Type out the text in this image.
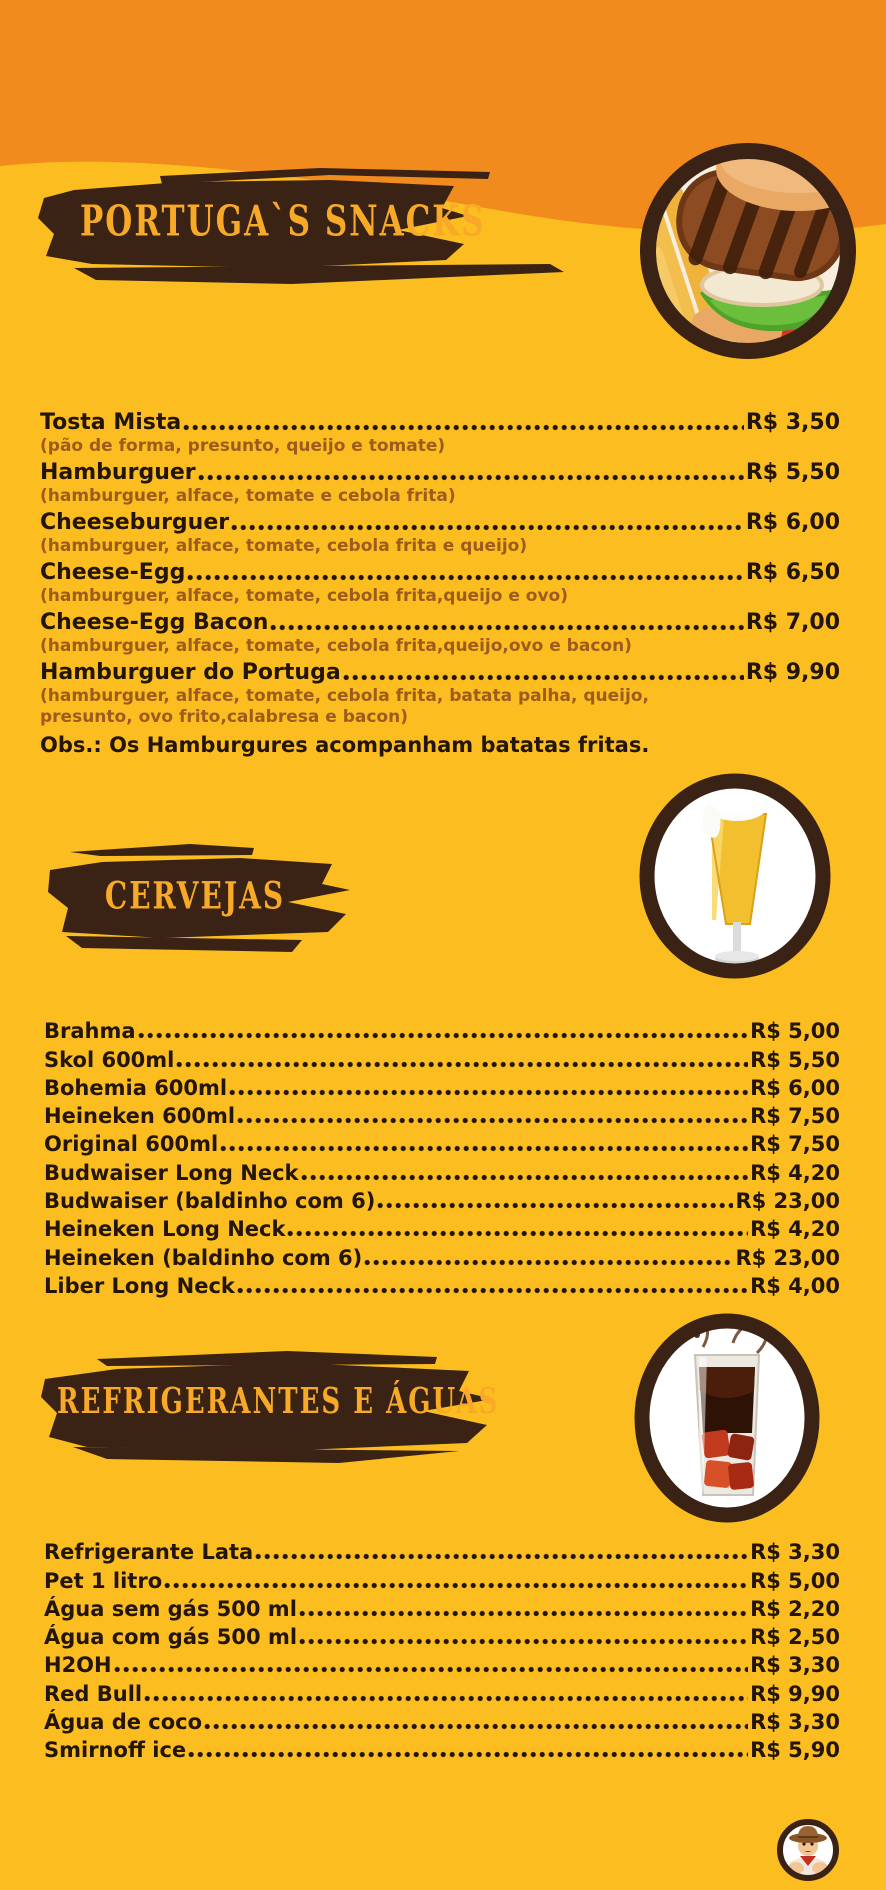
PORTUGA`S SNACKS
Tosta Mista	R$ 3,50
(pão de forma, presunto, queijo e tomate)
Hamburguer	R$ 5,50
(hamburguer, alface, tomate e cebola frita)
Cheeseburguer	R$ 6,00
(hamburguer, alface, tomate, cebola frita e queijo)
Cheese-Egg	R$ 6,50
(hamburguer, alface, tomate, cebola frita,queijo e ovo)
Cheese-Egg Bacon	R$ 7,00
(hamburguer, alface, tomate, cebola frita,queijo,ovo e bacon)
Hamburguer do Portuga	R$ 9,90
(hamburguer, alface, tomate, cebola frita, batata palha, queijo, presunto, ovo frito,calabresa e bacon)
Obs.: Os Hamburgures acompanham batatas fritas.
CERVEJAS
Brahma	R$ 5,00
Skol 600ml	R$ 5,50
Bohemia 600ml	R$ 6,00
Heineken 600ml	R$ 7,50
Original 600ml	R$ 7,50
Budwaiser Long Neck	R$ 4,20
Budwaiser (baldinho com 6)	R$ 23,00
Heineken Long Neck	R$ 4,20
Heineken (baldinho com 6)	R$ 23,00
Liber Long Neck	R$ 4,00
REFRIGERANTES E ÁGUAS
Refrigerante Lata	R$ 3,30
Pet 1 litro	R$ 5,00
Água sem gás 500 ml	R$ 2,20
Água com gás 500 ml	R$ 2,50
H2OH	R$ 3,30
Red Bull	R$ 9,90
Água de coco	R$ 3,30
Smirnoff ice	R$ 5,90
